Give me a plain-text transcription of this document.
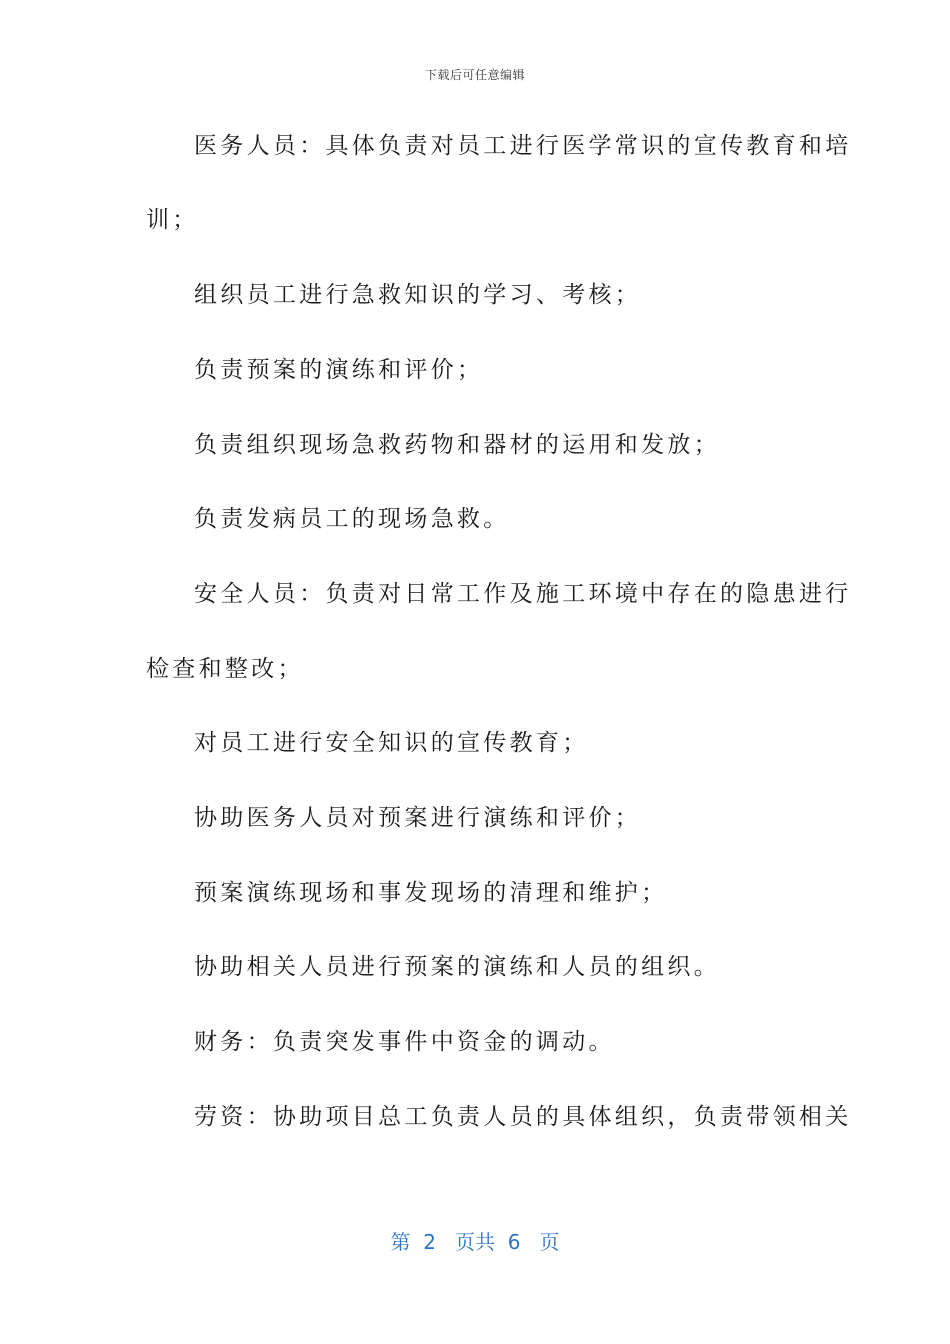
下载后可任意编辑
医务人员：具体负责对员工进行医学常识的宣传教育和培
训；
组织员工进行急救知识的学习、考核；
负责预案的演练和评价；
负责组织现场急救药物和器材的运用和发放；
负责发病员工的现场急救。
安全人员：负责对日常工作及施工环境中存在的隐患进行
检查和整改；
对员工进行安全知识的宣传教育；
协助医务人员对预案进行演练和评价；
预案演练现场和事发现场的清理和维护；
协助相关人员进行预案的演练和人员的组织。
财务：负责突发事件中资金的调动。
劳资：协助项目总工负责人员的具体组织，负责带领相关
第  2   页共  6   页
